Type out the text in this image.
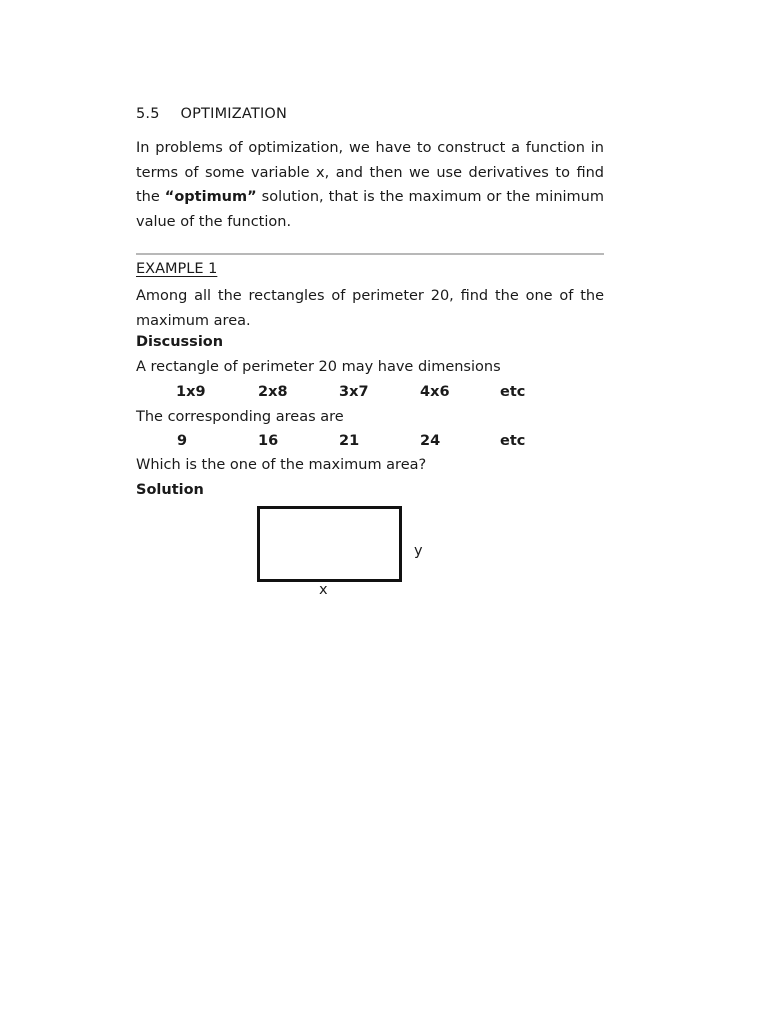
5.5 OPTIMIZATION
In problems of optimization, we have to construct a function in terms of some variable x, and then we use derivatives to find the “optimum” solution, that is the maximum or the minimum value of the function.
EXAMPLE 1
Among all the rectangles of perimeter 20, find the one of the maximum area.
Discussion
A rectangle of perimeter 20 may have dimensions
1x9	2x8	3x7	4x6	etc
The corresponding areas are
9	16	21	24	etc
Which is the one of the maximum area?
Solution
y
x
